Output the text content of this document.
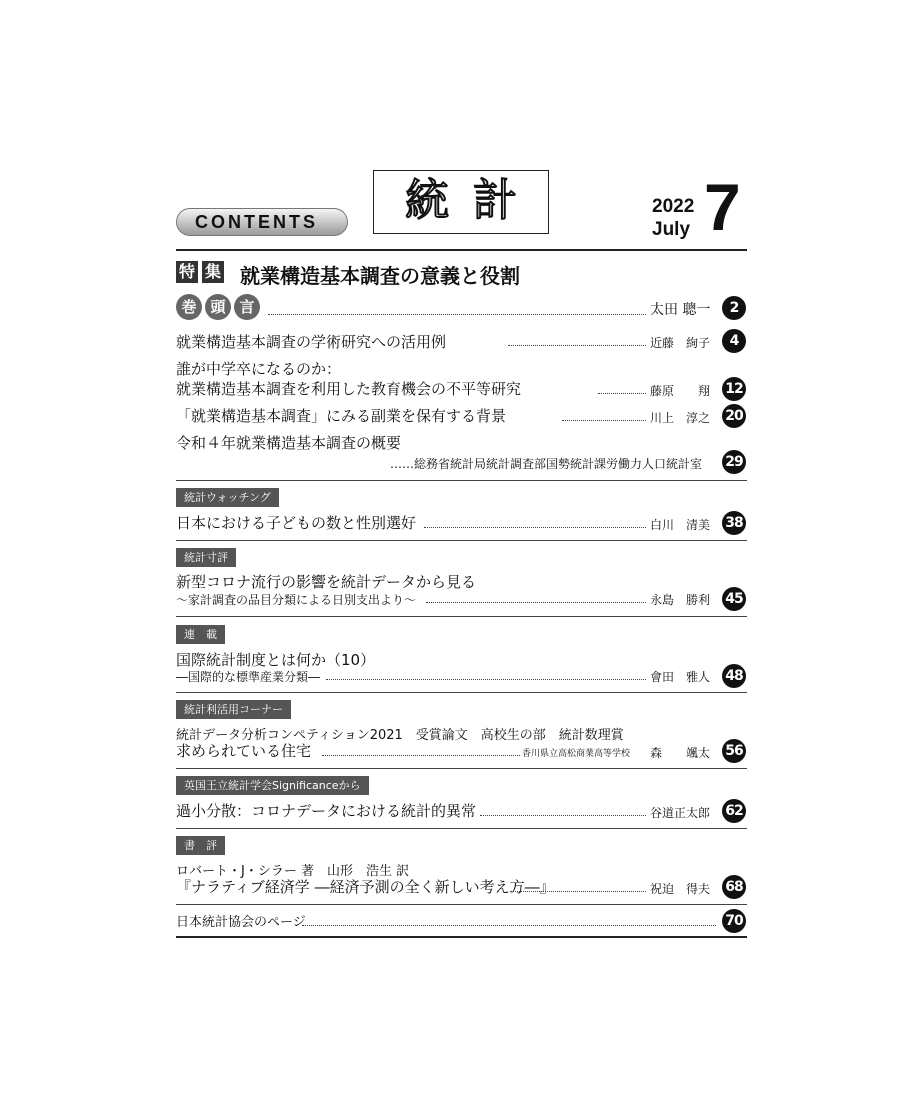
CONTENTS	統計	2022
July 7
特 集 就業構造基本調査の意義と役割
巻 頭 言	太田 聰一	2
就業構造基本調査の学術研究への活用例	近藤　絢子	4
誰が中学卒になるのか：
就業構造基本調査を利用した教育機会の不平等研究	藤原　　翔 12
「就業構造基本調査」にみる副業を保有する背景	川上　淳之 20
令和４年就業構造基本調査の概要
……総務省統計局統計調査部国勢統計課労働力人口統計室 29
統計ウォッチング
日本における子どもの数と性別選好	白川　清美 38
統計寸評
新型コロナ流行の影響を統計データから見る
～家計調査の品目分類による日別支出より～	永島　勝利 45
連　載
国際統計制度とは何か（10）
―国際的な標準産業分類―	會田　雅人 48
統計利活用コーナー
統計データ分析コンペティション2021　受賞論文　高校生の部　統計数理賞
求められている住宅	香川県立高松商業高等学校 森　　颯太 56
英国王立統計学会Significanceから
過小分散：コロナデータにおける統計的異常	谷道正太郎 62
書　評
ロバート・J・シラー 著　山形　浩生 訳
『ナラティブ経済学 ―経済予測の全く新しい考え方―』	祝迫　得夫 68
日本統計協会のページ	70
